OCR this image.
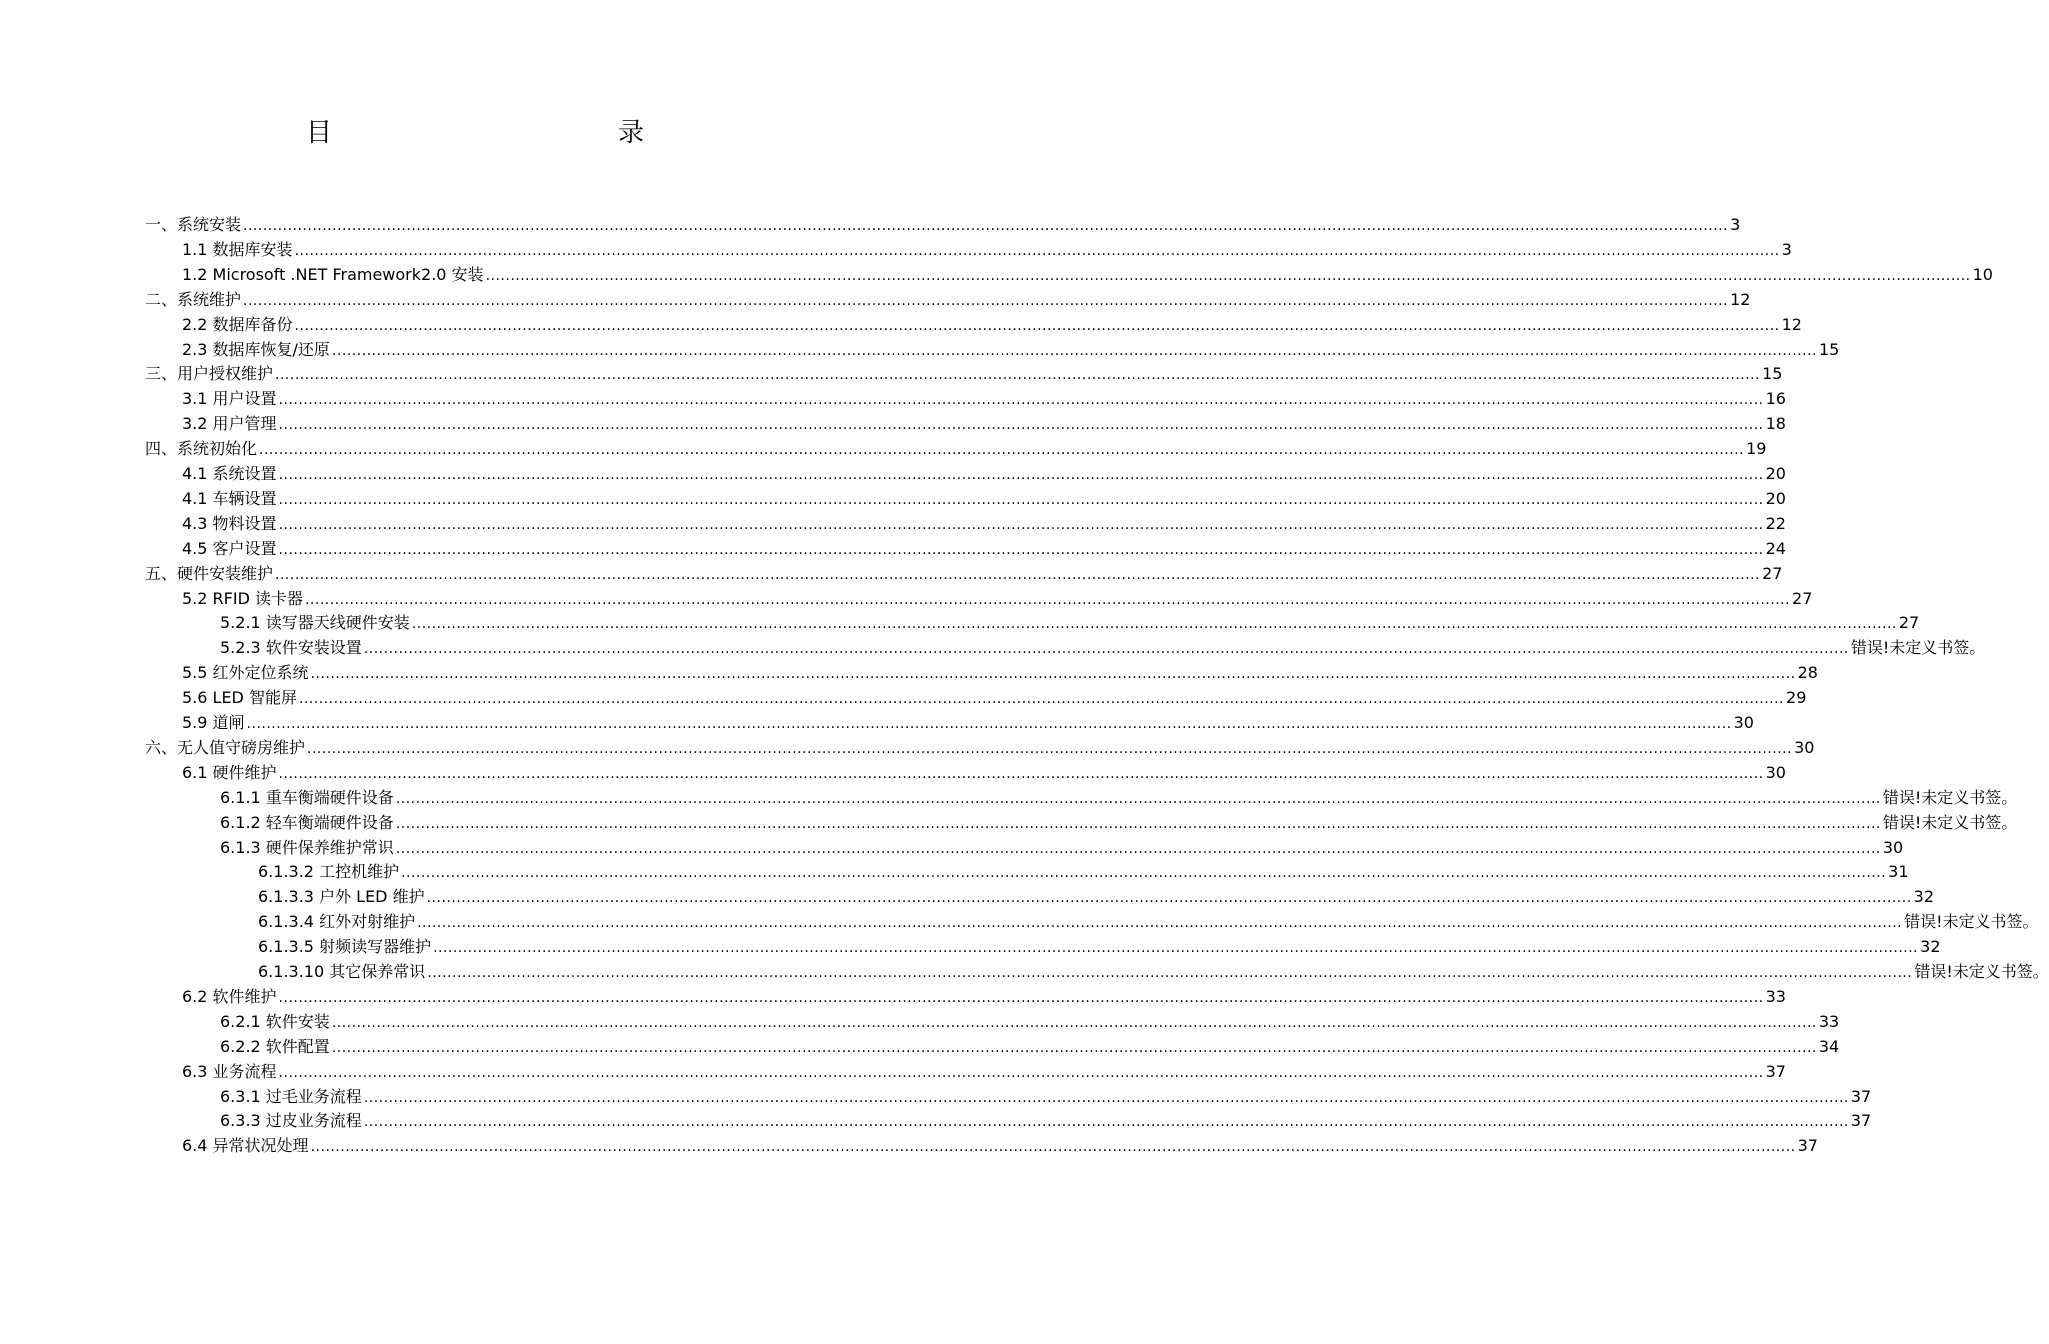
目　　录
一、系统安装 ............................................................................................................................................................................................................................................................................................................ 3
1.1 数据库安装 ............................................................................................................................................................................................................................................................................................................ 3
1.2 Microsoft .NET Framework2.0 安装 ............................................................................................................................................................................................................................................................................................................ 10
二、系统维护 ............................................................................................................................................................................................................................................................................................................ 12
2.2 数据库备份 ............................................................................................................................................................................................................................................................................................................ 12
2.3 数据库恢复/还原 ............................................................................................................................................................................................................................................................................................................ 15
三、用户授权维护 ............................................................................................................................................................................................................................................................................................................ 15
3.1 用户设置 ............................................................................................................................................................................................................................................................................................................ 16
3.2 用户管理 ............................................................................................................................................................................................................................................................................................................ 18
四、系统初始化 ............................................................................................................................................................................................................................................................................................................ 19
4.1 系统设置 ............................................................................................................................................................................................................................................................................................................ 20
4.1 车辆设置 ............................................................................................................................................................................................................................................................................................................ 20
4.3 物料设置 ............................................................................................................................................................................................................................................................................................................ 22
4.5 客户设置 ............................................................................................................................................................................................................................................................................................................ 24
五、硬件安装维护 ............................................................................................................................................................................................................................................................................................................ 27
5.2 RFID 读卡器 ............................................................................................................................................................................................................................................................................................................ 27
5.2.1 读写器天线硬件安装 ............................................................................................................................................................................................................................................................................................................ 27
5.2.3 软件安装设置 ............................................................................................................................................................................................................................................................................................................ 错误!未定义书签。
5.5 红外定位系统 ............................................................................................................................................................................................................................................................................................................ 28
5.6 LED 智能屏 ............................................................................................................................................................................................................................................................................................................ 29
5.9 道闸 ............................................................................................................................................................................................................................................................................................................ 30
六、无人值守磅房维护 ............................................................................................................................................................................................................................................................................................................ 30
6.1 硬件维护 ............................................................................................................................................................................................................................................................................................................ 30
6.1.1 重车衡端硬件设备 ............................................................................................................................................................................................................................................................................................................ 错误!未定义书签。
6.1.2 轻车衡端硬件设备 ............................................................................................................................................................................................................................................................................................................ 错误!未定义书签。
6.1.3 硬件保养维护常识 ............................................................................................................................................................................................................................................................................................................ 30
6.1.3.2 工控机维护 ............................................................................................................................................................................................................................................................................................................ 31
6.1.3.3 户外 LED 维护 ............................................................................................................................................................................................................................................................................................................ 32
6.1.3.4 红外对射维护 ............................................................................................................................................................................................................................................................................................................ 错误!未定义书签。
6.1.3.5 射频读写器维护 ............................................................................................................................................................................................................................................................................................................ 32
6.1.3.10 其它保养常识 ............................................................................................................................................................................................................................................................................................................ 错误!未定义书签。
6.2 软件维护 ............................................................................................................................................................................................................................................................................................................ 33
6.2.1 软件安装 ............................................................................................................................................................................................................................................................................................................ 33
6.2.2 软件配置 ............................................................................................................................................................................................................................................................................................................ 34
6.3 业务流程 ............................................................................................................................................................................................................................................................................................................ 37
6.3.1 过毛业务流程 ............................................................................................................................................................................................................................................................................................................ 37
6.3.3 过皮业务流程 ............................................................................................................................................................................................................................................................................................................ 37
6.4 异常状况处理 ............................................................................................................................................................................................................................................................................................................ 37
